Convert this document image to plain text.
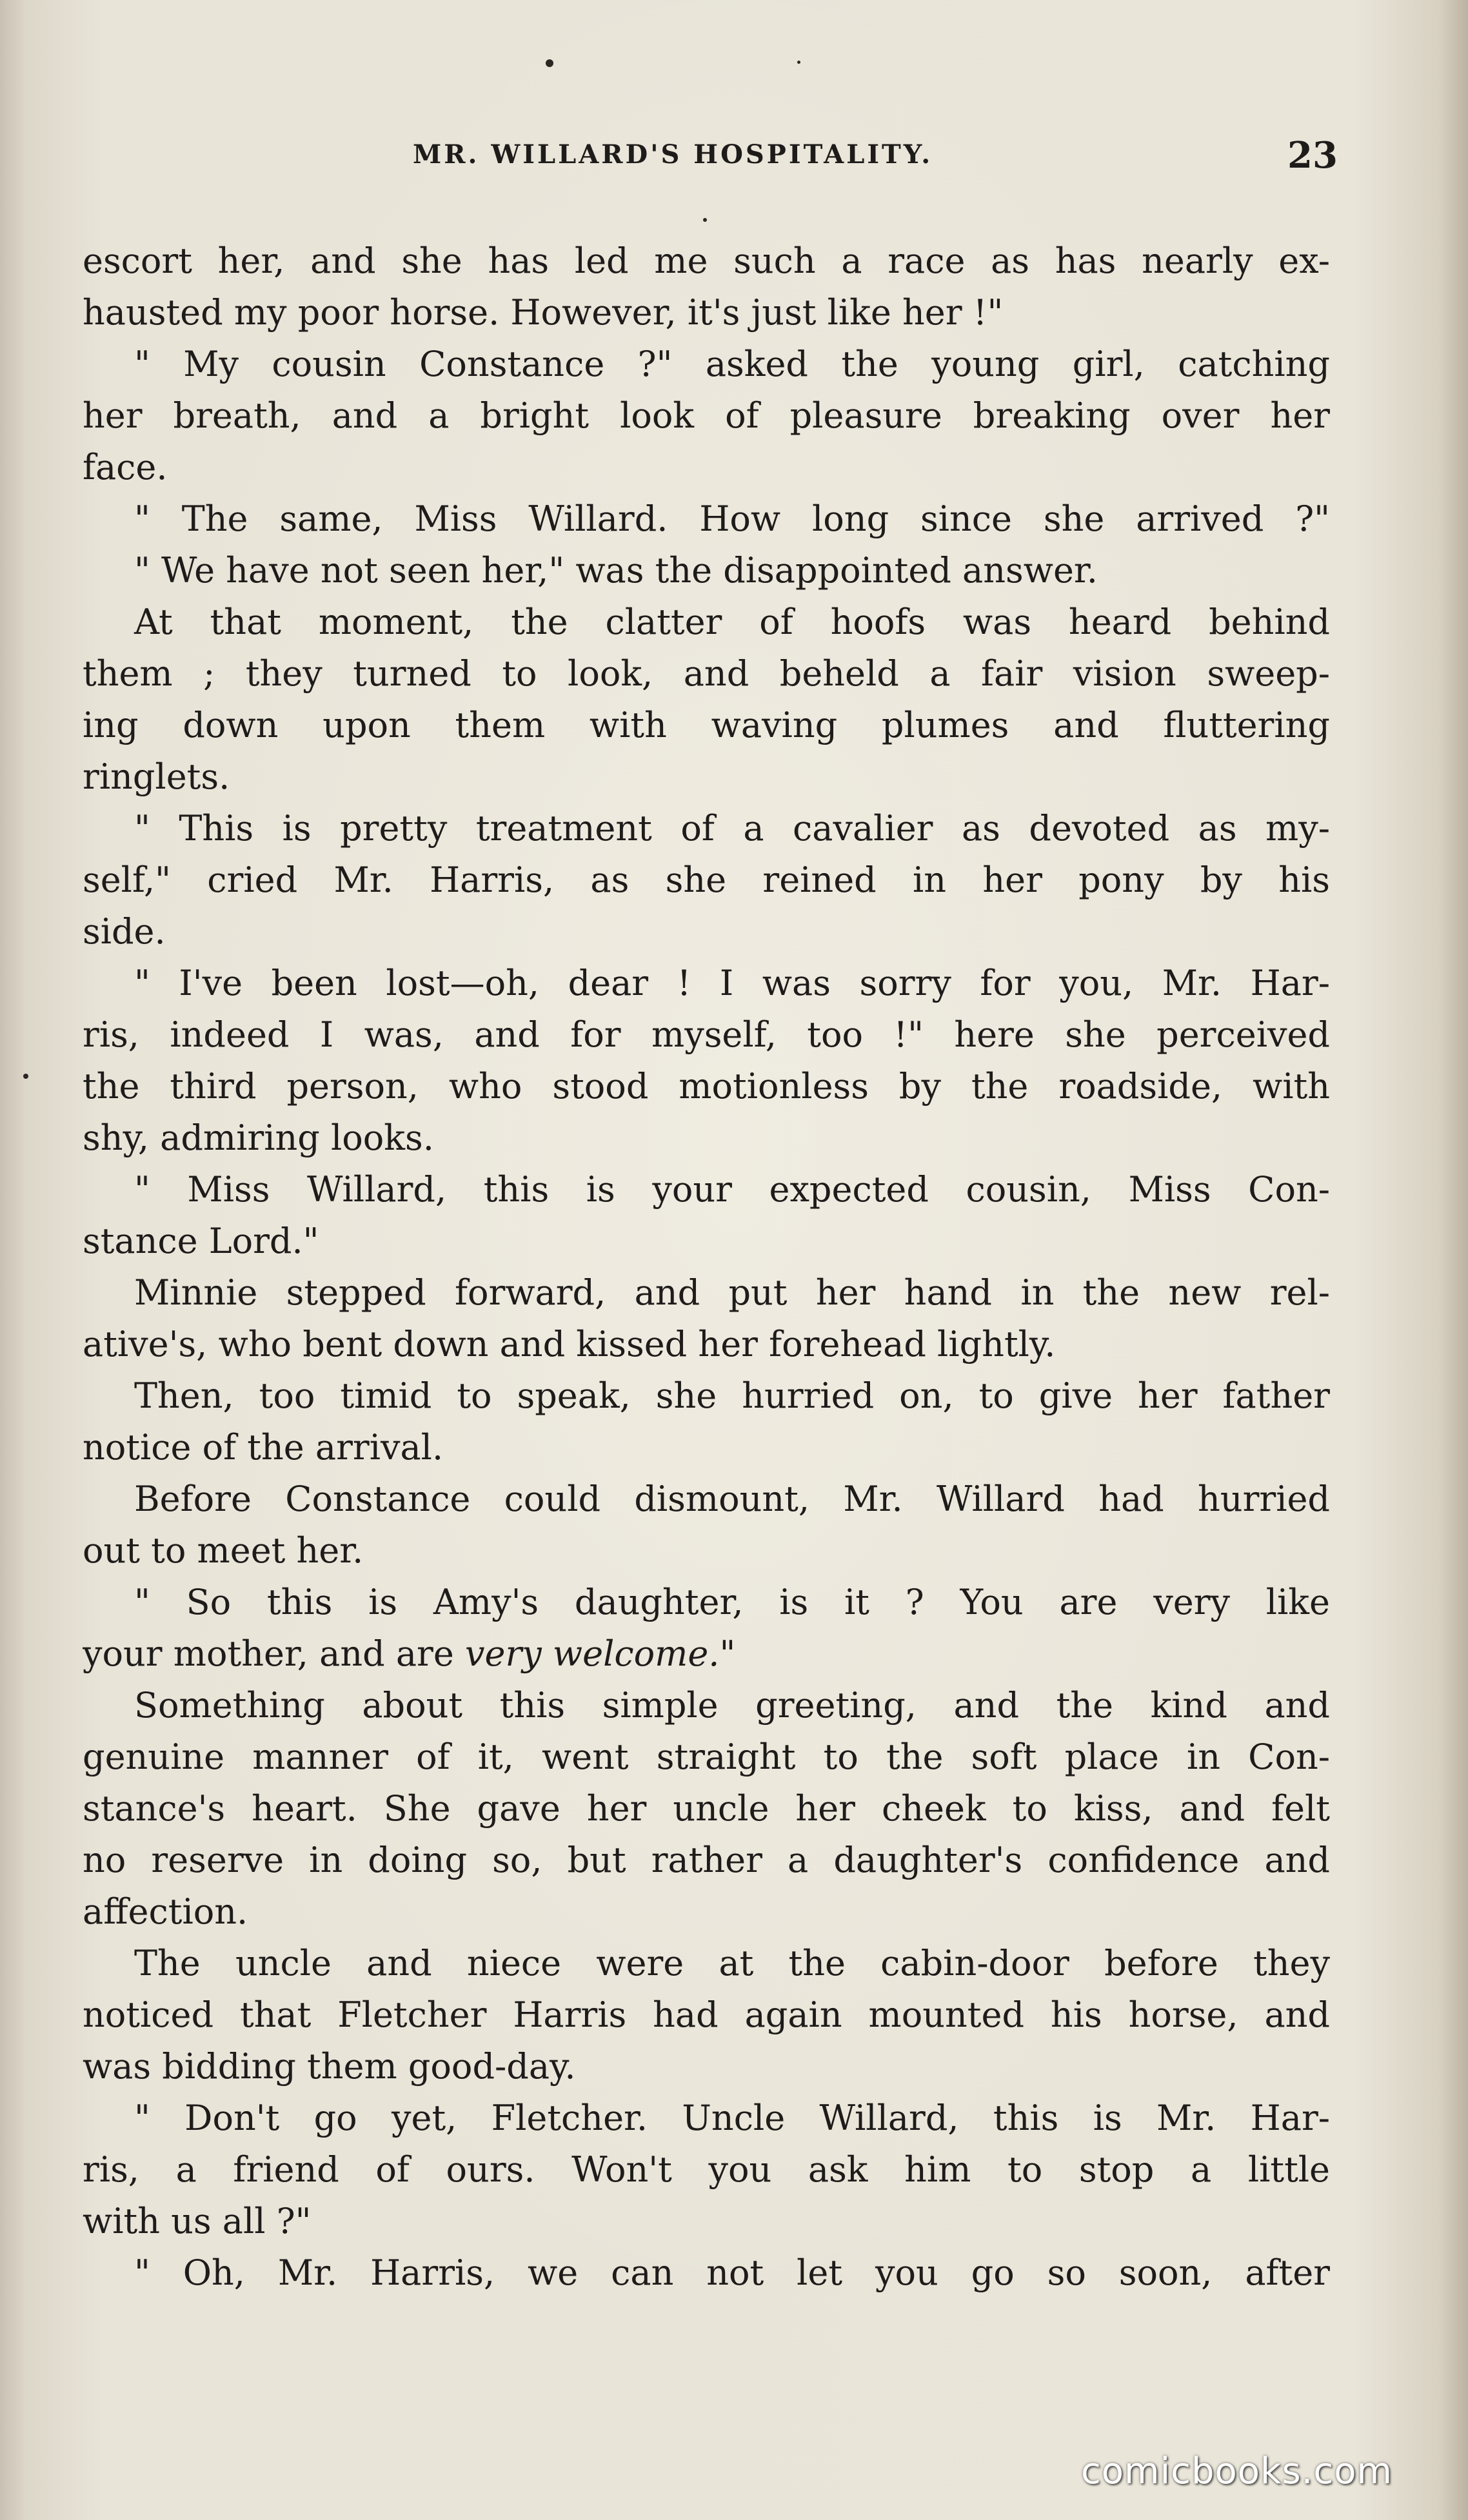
MR. WILLARD'S HOSPITALITY.	23
escort her, and she has led me such a race as has nearly ex-
hausted my poor horse. However, it's just like her !"
" My cousin Constance ?" asked the young girl, catching
her breath, and a bright look of pleasure breaking over her
face.
" The same, Miss Willard. How long since she arrived ?"
" We have not seen her," was the disappointed answer.
At that moment, the clatter of hoofs was heard behind
them ; they turned to look, and beheld a fair vision sweep-
ing down upon them with waving plumes and fluttering
ringlets.
" This is pretty treatment of a cavalier as devoted as my-
self," cried Mr. Harris, as she reined in her pony by his
side.
" I've been lost—oh, dear ! I was sorry for you, Mr. Har-
ris, indeed I was, and for myself, too !" here she perceived
the third person, who stood motionless by the roadside, with
shy, admiring looks.
" Miss Willard, this is your expected cousin, Miss Con-
stance Lord."
Minnie stepped forward, and put her hand in the new rel-
ative's, who bent down and kissed her forehead lightly.
Then, too timid to speak, she hurried on, to give her father
notice of the arrival.
Before Constance could dismount, Mr. Willard had hurried
out to meet her.
" So this is Amy's daughter, is it ? You are very like
your mother, and are very welcome."
Something about this simple greeting, and the kind and
genuine manner of it, went straight to the soft place in Con-
stance's heart. She gave her uncle her cheek to kiss, and felt
no reserve in doing so, but rather a daughter's confidence and
affection.
The uncle and niece were at the cabin-door before they
noticed that Fletcher Harris had again mounted his horse, and
was bidding them good-day.
" Don't go yet, Fletcher. Uncle Willard, this is Mr. Har-
ris, a friend of ours. Won't you ask him to stop a little
with us all ?"
" Oh, Mr. Harris, we can not let you go so soon, after
comicbooks.com
